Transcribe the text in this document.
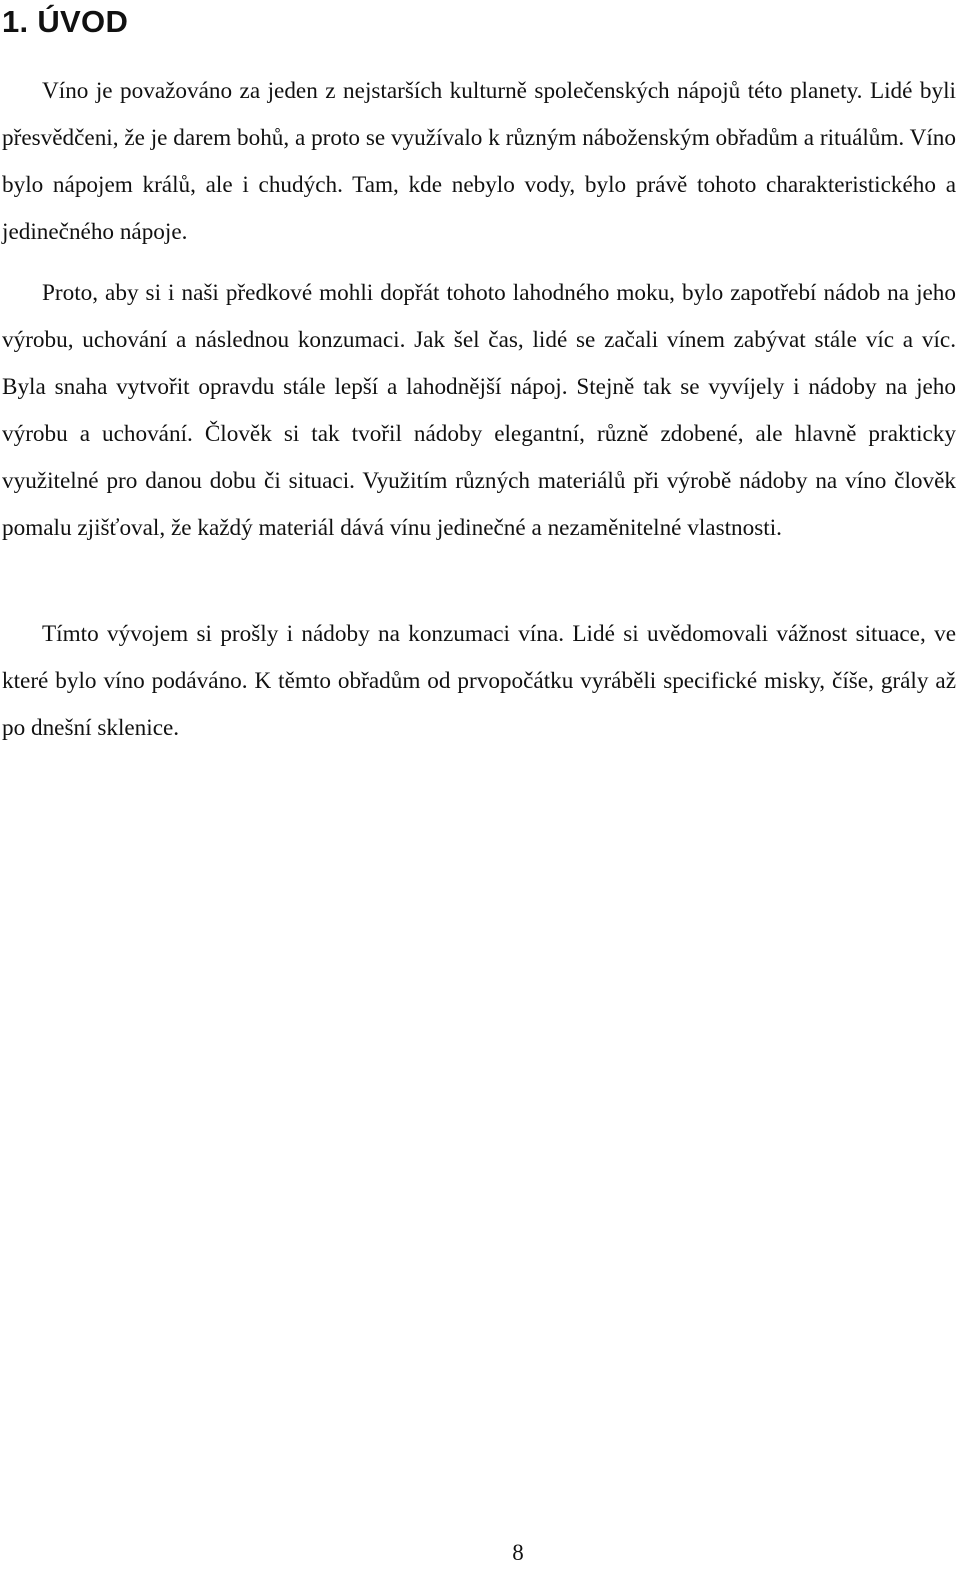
1. ÚVOD

Víno je považováno za jeden z nejstarších kulturně společenských nápojů této planety. Lidé byli přesvědčeni, že je darem bohů, a proto se využívalo k různým náboženským obřadům a rituálům. Víno bylo nápojem králů, ale i chudých. Tam, kde nebylo vody, bylo právě tohoto charakteristického a jedinečného nápoje.

Proto, aby si i naši předkové mohli dopřát tohoto lahodného moku, bylo zapotřebí nádob na jeho výrobu, uchování a následnou konzumaci. Jak šel čas, lidé se začali vínem zabývat stále víc a víc. Byla snaha vytvořit opravdu stále lepší a lahodnější nápoj. Stejně tak se vyvíjely i nádoby na jeho výrobu a uchování. Člověk si tak tvořil nádoby elegantní, různě zdobené, ale hlavně prakticky využitelné pro danou dobu či situaci. Využitím různých materiálů při výrobě nádoby na víno člověk pomalu zjišťoval, že každý materiál dává vínu jedinečné a nezaměnitelné vlastnosti.

Tímto vývojem si prošly i nádoby na konzumaci vína. Lidé si uvědomovali vážnost situace, ve které bylo víno podáváno. K těmto obřadům od prvopočátku vyráběli specifické misky, číše, grály až po dnešní sklenice.

8
